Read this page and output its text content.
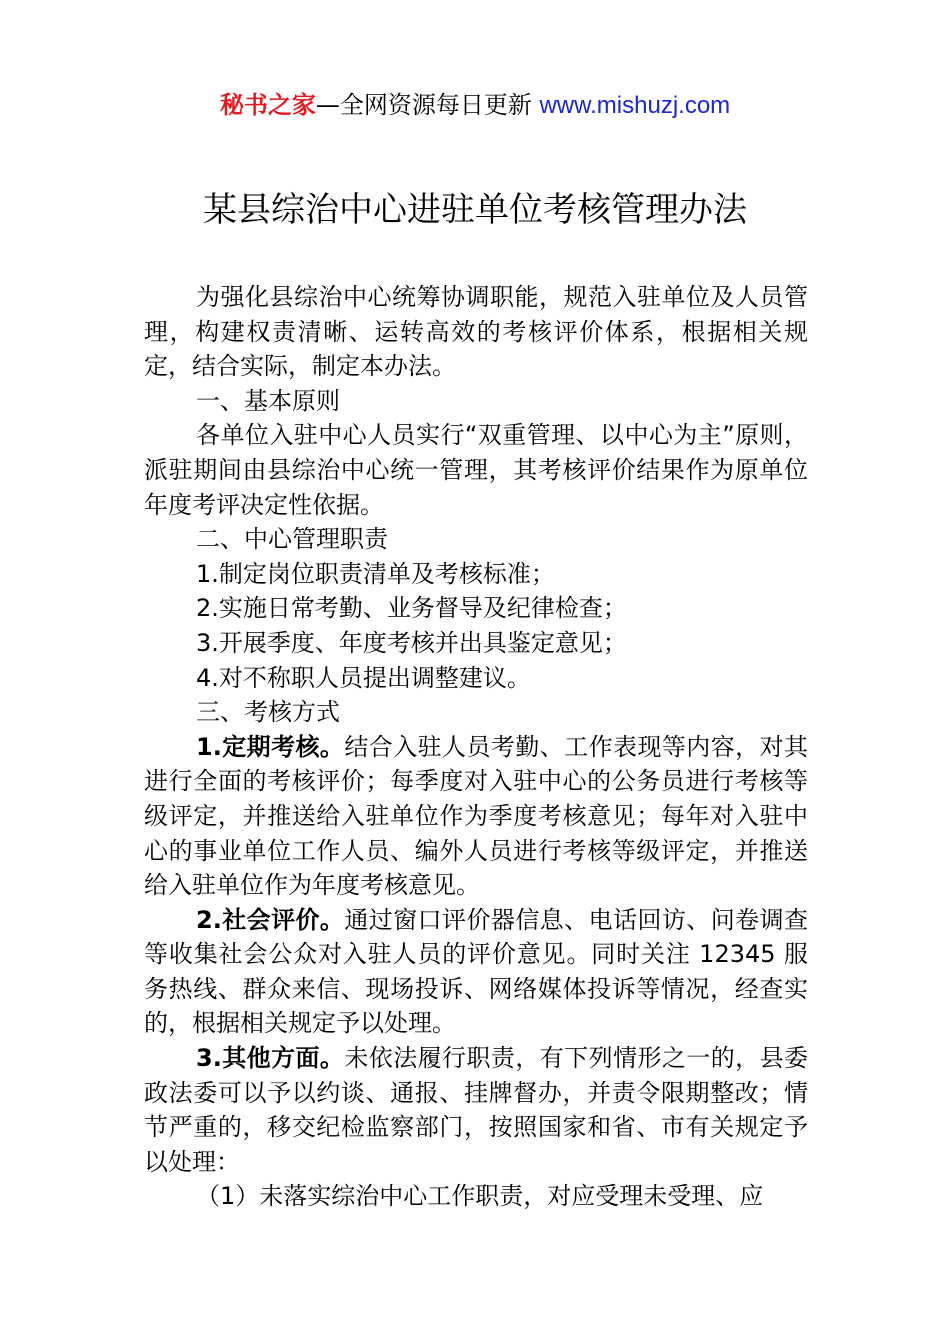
秘书之家—全网资源每日更新 www.mishuzj.com
某县综治中心进驻单位考核管理办法

为强化县综治中心统筹协调职能，规范入驻单位及人员管理，构建权责清晰、运转高效的考核评价体系，根据相关规定，结合实际，制定本办法。

一、基本原则

各单位入驻中心人员实行“双重管理、以中心为主”原则，派驻期间由县综治中心统一管理，其考核评价结果作为原单位年度考评决定性依据。

二、中心管理职责

1.制定岗位职责清单及考核标准；

2.实施日常考勤、业务督导及纪律检查；

3.开展季度、年度考核并出具鉴定意见；

4.对不称职人员提出调整建议。

三、考核方式

1.定期考核。结合入驻人员考勤、工作表现等内容，对其进行全面的考核评价；每季度对入驻中心的公务员进行考核等级评定，并推送给入驻单位作为季度考核意见；每年对入驻中心的事业单位工作人员、编外人员进行考核等级评定，并推送给入驻单位作为年度考核意见。

2.社会评价。通过窗口评价器信息、电话回访、问卷调查等收集社会公众对入驻人员的评价意见。同时关注 12345 服务热线、群众来信、现场投诉、网络媒体投诉等情况，经查实的，根据相关规定予以处理。

3.其他方面。未依法履行职责，有下列情形之一的，县委政法委可以予以约谈、通报、挂牌督办，并责令限期整改；情节严重的，移交纪检监察部门，按照国家和省、市有关规定予以处理：

（1）未落实综治中心工作职责，对应受理未受理、应
